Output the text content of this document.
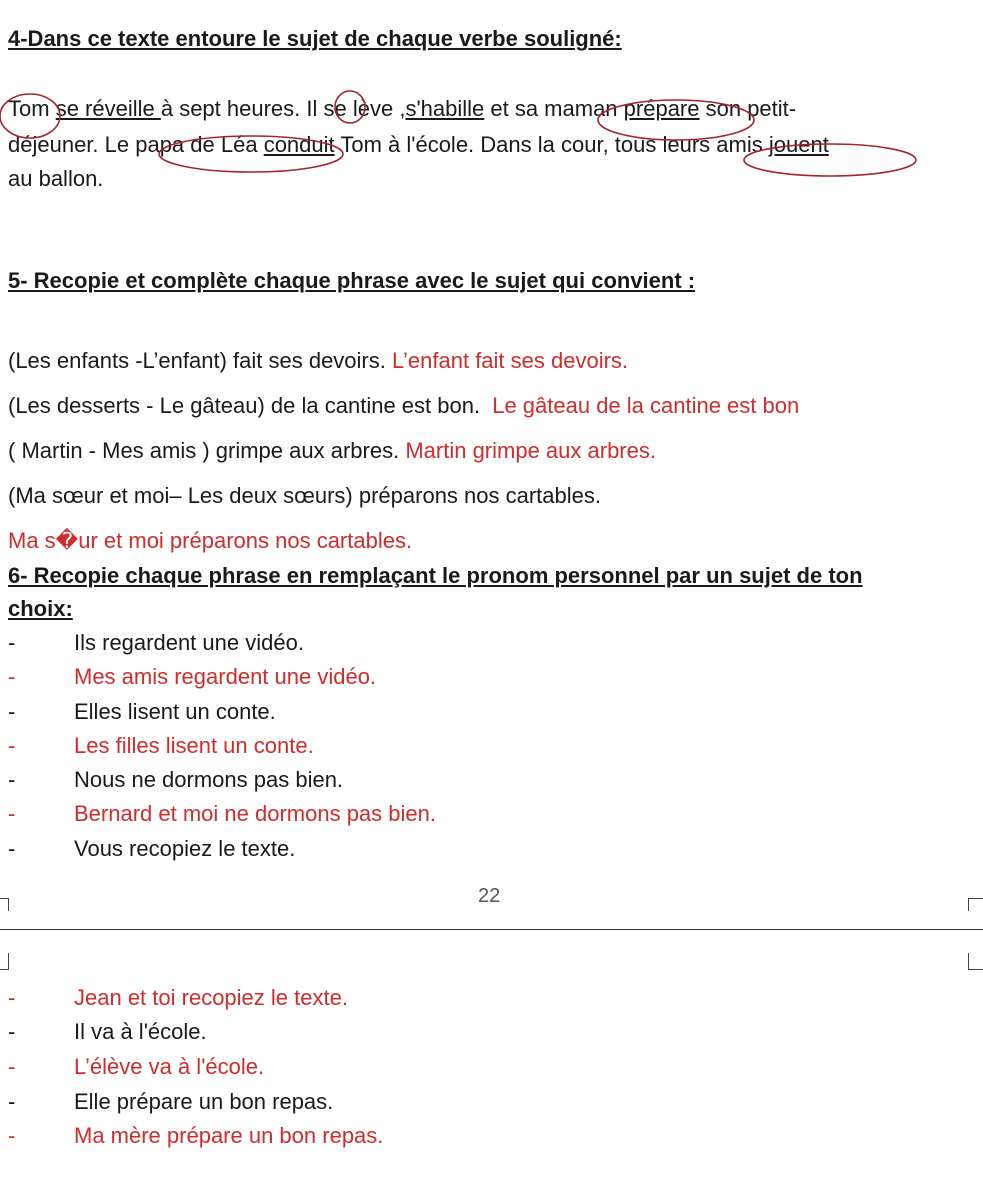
4-Dans ce texte entoure le sujet de chaque verbe souligné:
Tom se réveille à sept heures. Il se lève ,s'habille et sa maman prépare son petit-
déjeuner. Le papa de Léa conduit Tom à l'école. Dans la cour, tous leurs amis jouent
au ballon.
5- Recopie et complète chaque phrase avec le sujet qui convient :
(Les enfants -L’enfant) fait ses devoirs. L’enfant fait ses devoirs.
(Les desserts - Le gâteau) de la cantine est bon. Le gâteau de la cantine est bon
( Martin - Mes amis ) grimpe aux arbres. Martin grimpe aux arbres.
(Ma sœur et moi– Les deux sœurs) préparons nos cartables.
Ma s�ur et moi préparons nos cartables.
6- Recopie chaque phrase en remplaçant le pronom personnel par un sujet de ton
choix:
-	Ils regardent une vidéo.
-	Mes amis regardent une vidéo.
-	Elles lisent un conte.
-	Les filles lisent un conte.
-	Nous ne dormons pas bien.
-	Bernard et moi ne dormons pas bien.
-	Vous recopiez le texte.
22
-	Jean et toi recopiez le texte.
-	Il va à l'école.
-	L’élève va à l'école.
-	Elle prépare un bon repas.
-	Ma mère prépare un bon repas.
